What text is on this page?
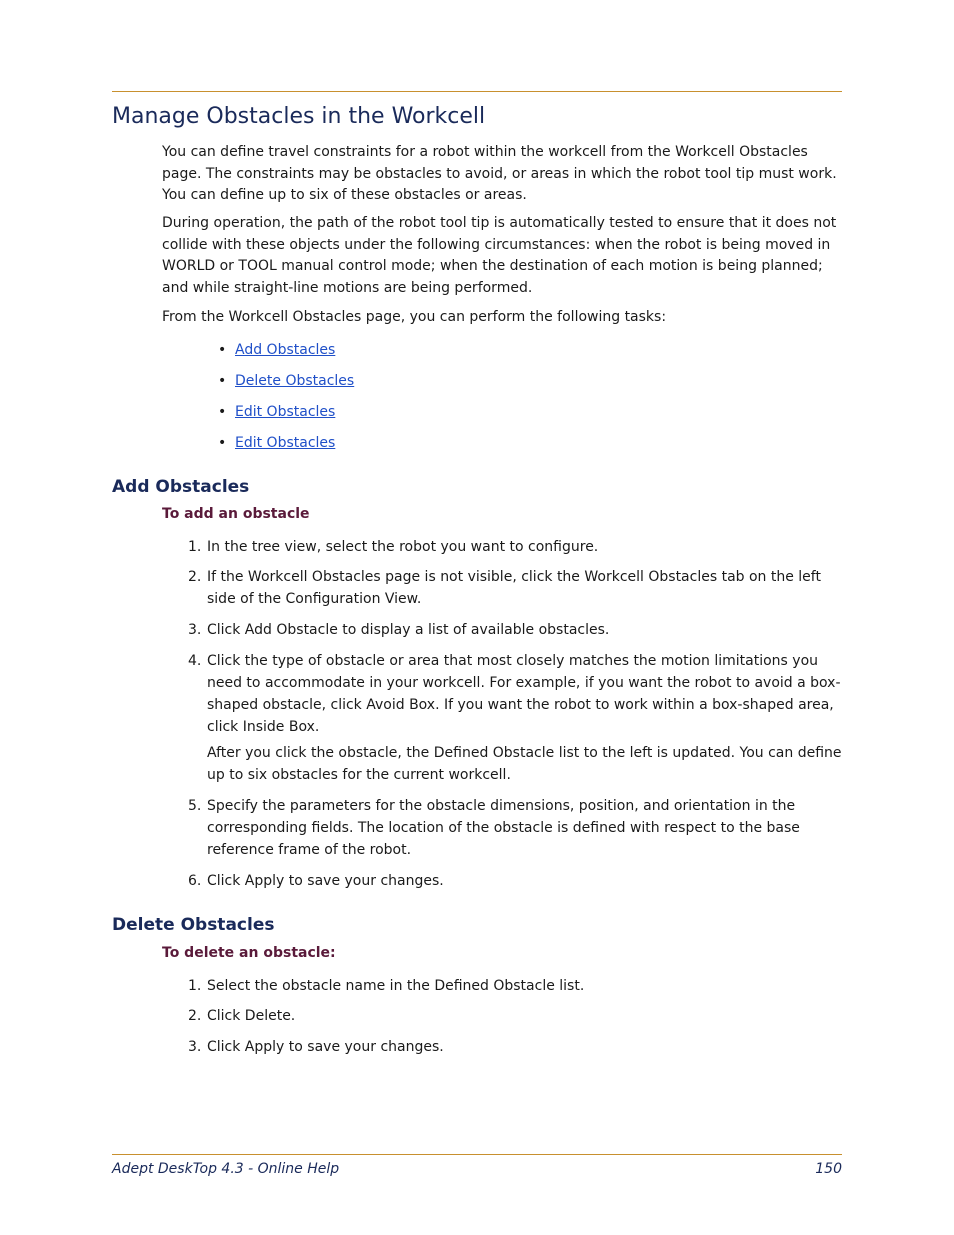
Manage Obstacles in the Workcell

You can define travel constraints for a robot within the workcell from the Workcell Obstacles page. The constraints may be obstacles to avoid, or areas in which the robot tool tip must work. You can define up to six of these obstacles or areas.

During operation, the path of the robot tool tip is automatically tested to ensure that it does not collide with these objects under the following circumstances: when the robot is being moved in WORLD or TOOL manual control mode; when the destination of each motion is being planned; and while straight-line motions are being performed.

From the Workcell Obstacles page, you can perform the following tasks:

• Add Obstacles

• Delete Obstacles

• Edit Obstacles

• Edit Obstacles

Add Obstacles
To add an obstacle
1. In the tree view, select the robot you want to configure.
2. If the Workcell Obstacles page is not visible, click the Workcell Obstacles tab on the left side of the Configuration View.
3. Click Add Obstacle to display a list of available obstacles.
4. Click the type of obstacle or area that most closely matches the motion limitations you need to accommodate in your workcell. For example, if you want the robot to avoid a box-shaped obstacle, click Avoid Box. If you want the robot to work within a box-shaped area, click Inside Box.

After you click the obstacle, the Defined Obstacle list to the left is updated. You can define up to six obstacles for the current workcell.

5. Specify the parameters for the obstacle dimensions, position, and orientation in the corresponding fields. The location of the obstacle is defined with respect to the base reference frame of the robot.
6. Click Apply to save your changes.
Delete Obstacles
To delete an obstacle:
1. Select the obstacle name in the Defined Obstacle list.
2. Click Delete.
3. Click Apply to save your changes.
Adept DeskTop 4.3 - Online Help	150
